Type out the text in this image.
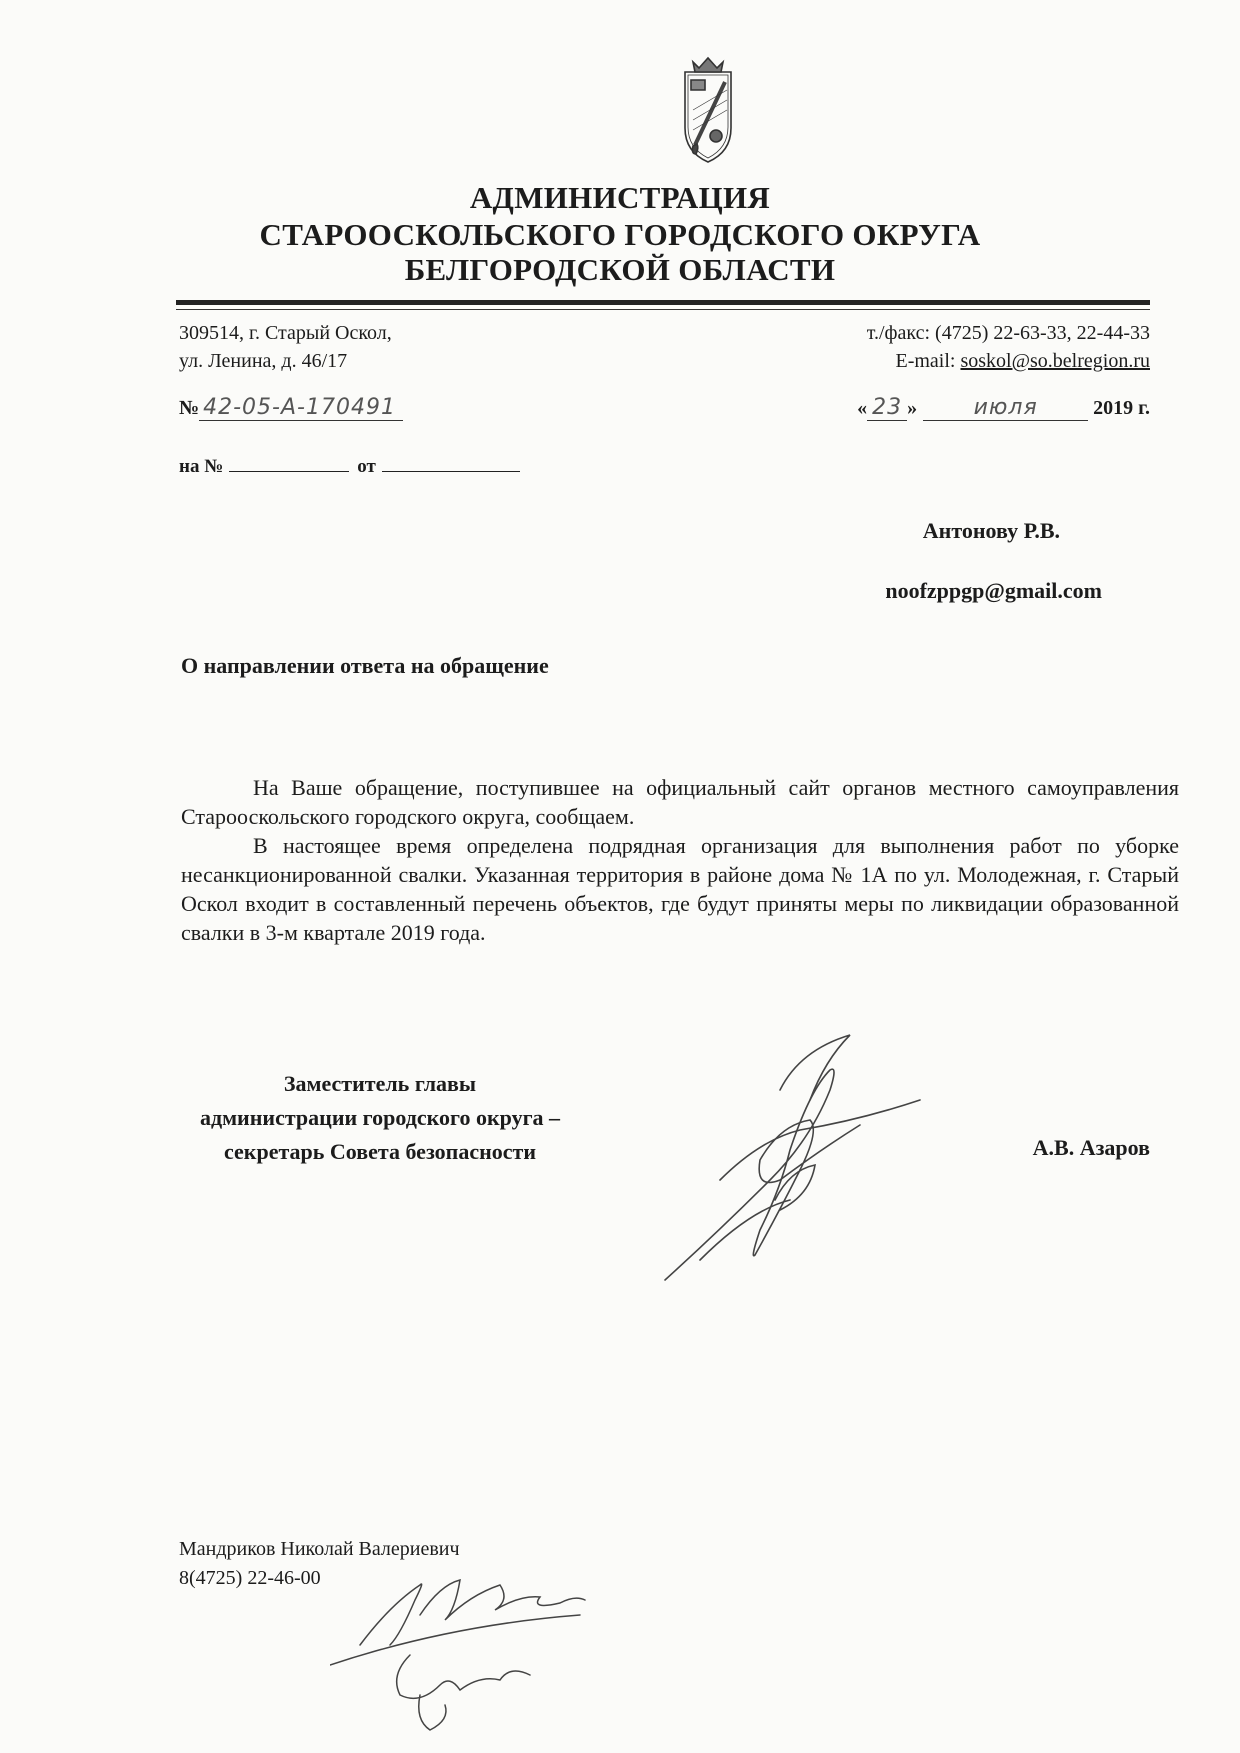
АДМИНИСТРАЦИЯ
СТАРООСКОЛЬСКОГО ГОРОДСКОГО ОКРУГА
БЕЛГОРОДСКОЙ ОБЛАСТИ
309514, г. Старый Оскол,
ул. Ленина, д. 46/17
т./факс: (4725) 22-63-33, 22-44-33
E-mail: soskol@so.belregion.ru
№ 42-05-А-170491	« 23 »	июля	2019 г.
на №	от
Антонову Р.В.
noofzppgp@gmail.com
О направлении ответа на обращение

На Ваше обращение, поступившее на официальный сайт органов местного самоуправления Старооскольского городского округа, сообщаем.

В настоящее время определена подрядная организация для выполнения работ по уборке несанкционированной свалки. Указанная территория в районе дома № 1А по ул. Молодежная, г. Старый Оскол входит в составленный перечень объектов, где будут приняты меры по ликвидации образованной свалки в 3-м квартале 2019 года.

Заместитель главы
администрации городского округа –
секретарь Совета безопасности	А.В. Азаров
Мандриков Николай Валериевич
8(4725) 22-46-00
